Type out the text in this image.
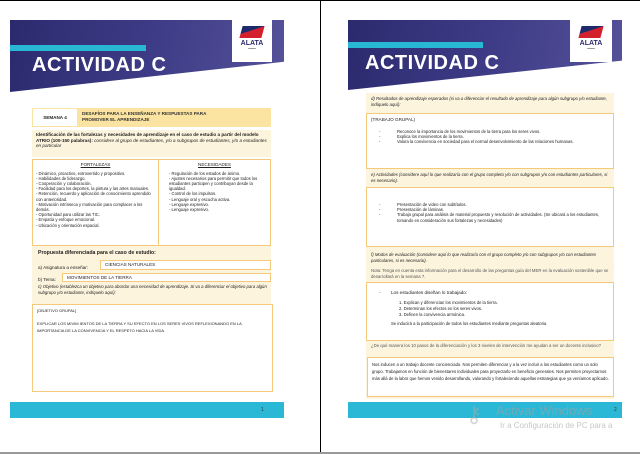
ACTIVIDAD C
ALATA
▬▬▬
SEMANA 4
DESAFÍOS PARA LA ENSEÑANZA Y RESPUESTAS PARA PROMOVER EL APRENDIZAJE
Identificación de las fortalezas y necesidades de aprendizaje en el caso de estudio a partir del modelo ATRIO (100-150 palabras): considere al grupo de estudiantes, y/o a subgrupos de estudiantes, y/o a estudiantes en particular
FORTALEZAS
- Dinámico, proactivo, extrovertido y propositivo.
- Habilidades de liderazgo.
- Cooperación y colaboración.
- Facilidad para los deportes, la pintura y las artes manuales.
- Retención, recuerdo y aplicación de conocimiento aprendido con anterioridad.
- Motivación intrínseca y motivación para complacer a los demás.
- Oportunidad para utilizar las TIC.
- Empatía y enfoque emocional.
- Ubicación y orientación espacial.
NECESIDADES
- Regulación de los estados de ánimo.
- Ajustes necesarios para permitir que todos los estudiantes participen y contribuyan desde la igualdad.
- Control de los impulsos.
- Lenguaje oral y escucha activa.
- Lenguaje expresivo.
- Lenguaje expresivo.
Propuesta diferenciada para el caso de estudio:
a) Asignatura a enseñar:
CIENCIAS NATURALES
b) Tema:	MOVIMIENTOS DE LA TIERRA
c) Objetivo (establezca un objetivo para abordar una necesidad de aprendizaje. Si va a diferenciar el objetivo para algún subgrupo y/o estudiante, indíquelo aquí):
[OBJETIVO GRUPAL]
EXPLICAR LOS MIVIM IENTOS DE LA TIERRA Y SU EFECTO EN LOS SERES VIVOS REFLEXIONANDO EN LA IMPORTANCIA DE LA CONVIVENCIA Y EL RESPETO HACIA LA VIDA.
1
ACTIVIDAD C
ALATA
▬▬▬
d) Resultados de aprendizaje esperados (si va a diferenciar el resultado de aprendizaje para algún subgrupo y/o estudiante, indíquelo aquí):
(TRABAJO GRUPAL)
-	Reconoce la importancia de los movimientos de la tierra para los seres vivos.
-	Explica los movimientos de la tierra.
-	Valora la convivencia en sociedad para el normal desenvolvimiento de las relaciones humanas.
e) Actividades (considere aquí lo que realizaría con el grupo completo y/o con subgrupos y/o con estudiantes particulares, si es necesario).
-	Presentación de video con subtítulos.
-	Presentación de láminas.
-	Trabajo grupal para análisis de material propuesto y resolución de actividades. (Se ubicará a los estudiantes, tomando en consideración sus fortalezas y necesidades)
f) Modos de evaluación (considere aquí lo que realizaría con el grupo completo y/o con subgrupos y/o con estudiantes particulares, si es necesario).
Nota: Tenga en cuenta esta información para el desarrollo de las preguntas guía del MER en la evaluación sostenible que se desarrollará en la semana 7.
-	Los estudiantes diseñan lo trabajado:
1. Explican y diferencian los movimientos de la tierra.
2. Determinan los efectos en los seres vivos.
3. Definen la convivencia armónica.
Se inducirá a la participación de todos los estudiantes mediante preguntas aleatoria
¿De qué manera los 10 pasos de la diferenciación y los 3 niveles de intervención me ayudan a ser un docente inclusivo?
Nos inducen a un trabajo docente concienciado. Nos permiten diferenciar y a la vez incluir a los estudiantes como un solo grupo. Trabajamos en función de bienestares individuales para proyectarlo en beneficio generales. Nos permiten proyectarnos más allá de la labor que hemos venido desarrollando, valorando y fortaleciendo aquellas estrategias que ya veníamos aplicado.
2
⚷ Activar Windows
Ir a Configuración de PC para a
